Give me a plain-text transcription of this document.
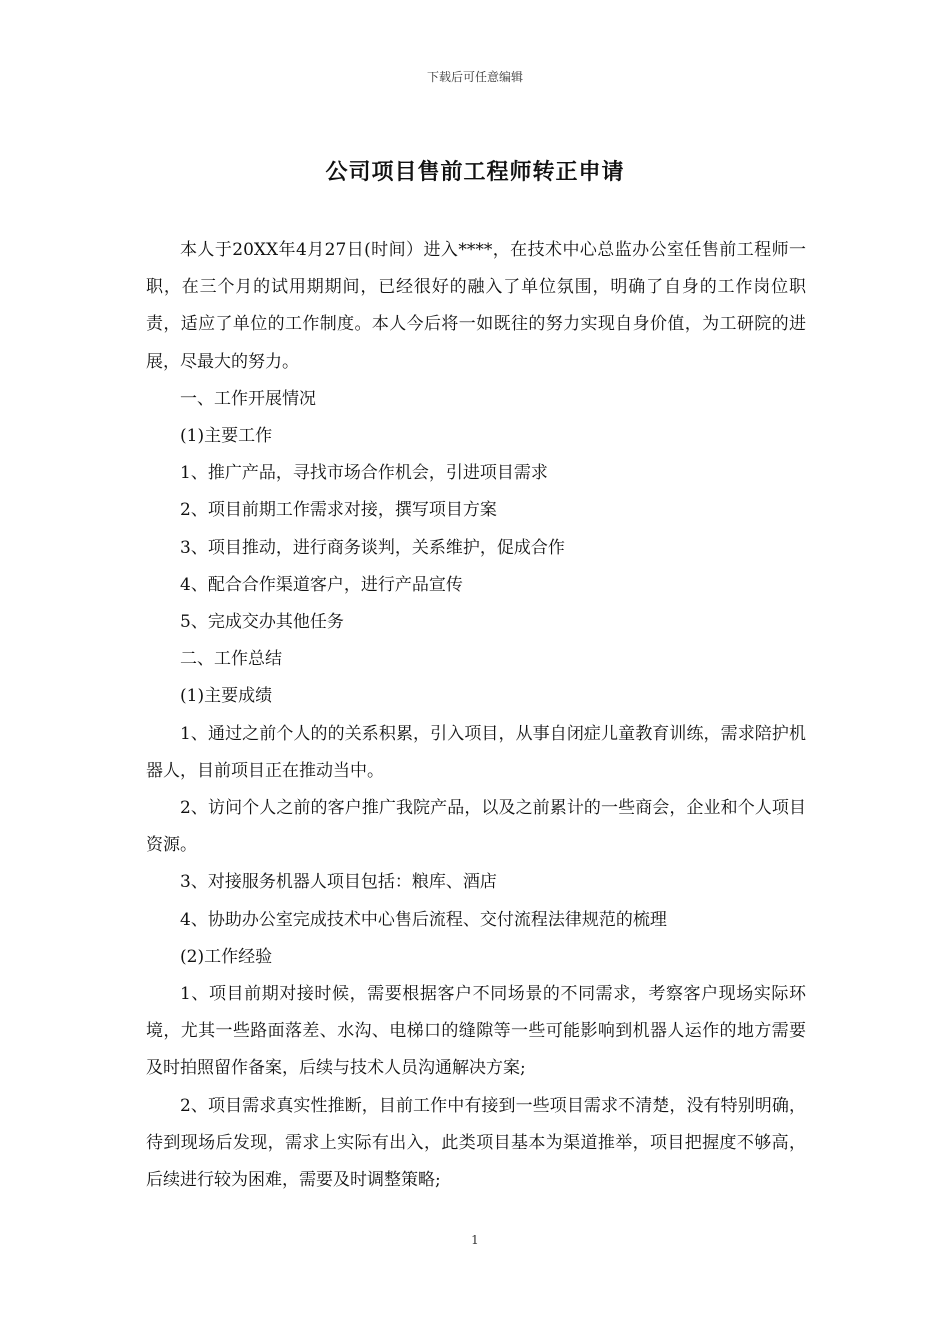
下载后可任意编辑
公司项目售前工程师转正申请

本人于20XX年4月27日(时间）进入****，在技术中心总监办公室任售前工程师一职，在三个月的试用期期间，已经很好的融入了单位氛围，明确了自身的工作岗位职责，适应了单位的工作制度。本人今后将一如既往的努力实现自身价值，为工研院的进展，尽最大的努力。

一、工作开展情况

(1)主要工作

1、推广产品，寻找市场合作机会，引进项目需求

2、项目前期工作需求对接，撰写项目方案

3、项目推动，进行商务谈判，关系维护，促成合作

4、配合合作渠道客户，进行产品宣传

5、完成交办其他任务

二、工作总结

(1)主要成绩

1、通过之前个人的的关系积累，引入项目，从事自闭症儿童教育训练，需求陪护机器人，目前项目正在推动当中。

2、访问个人之前的客户推广我院产品，以及之前累计的一些商会，企业和个人项目资源。

3、对接服务机器人项目包括：粮库、酒店

4、协助办公室完成技术中心售后流程、交付流程法律规范的梳理

(2)工作经验

1、项目前期对接时候，需要根据客户不同场景的不同需求，考察客户现场实际环境，尤其一些路面落差、水沟、电梯口的缝隙等一些可能影响到机器人运作的地方需要及时拍照留作备案，后续与技术人员沟通解决方案;

2、项目需求真实性推断，目前工作中有接到一些项目需求不清楚，没有特别明确，待到现场后发现，需求上实际有出入，此类项目基本为渠道推举，项目把握度不够高，后续进行较为困难，需要及时调整策略;

1
